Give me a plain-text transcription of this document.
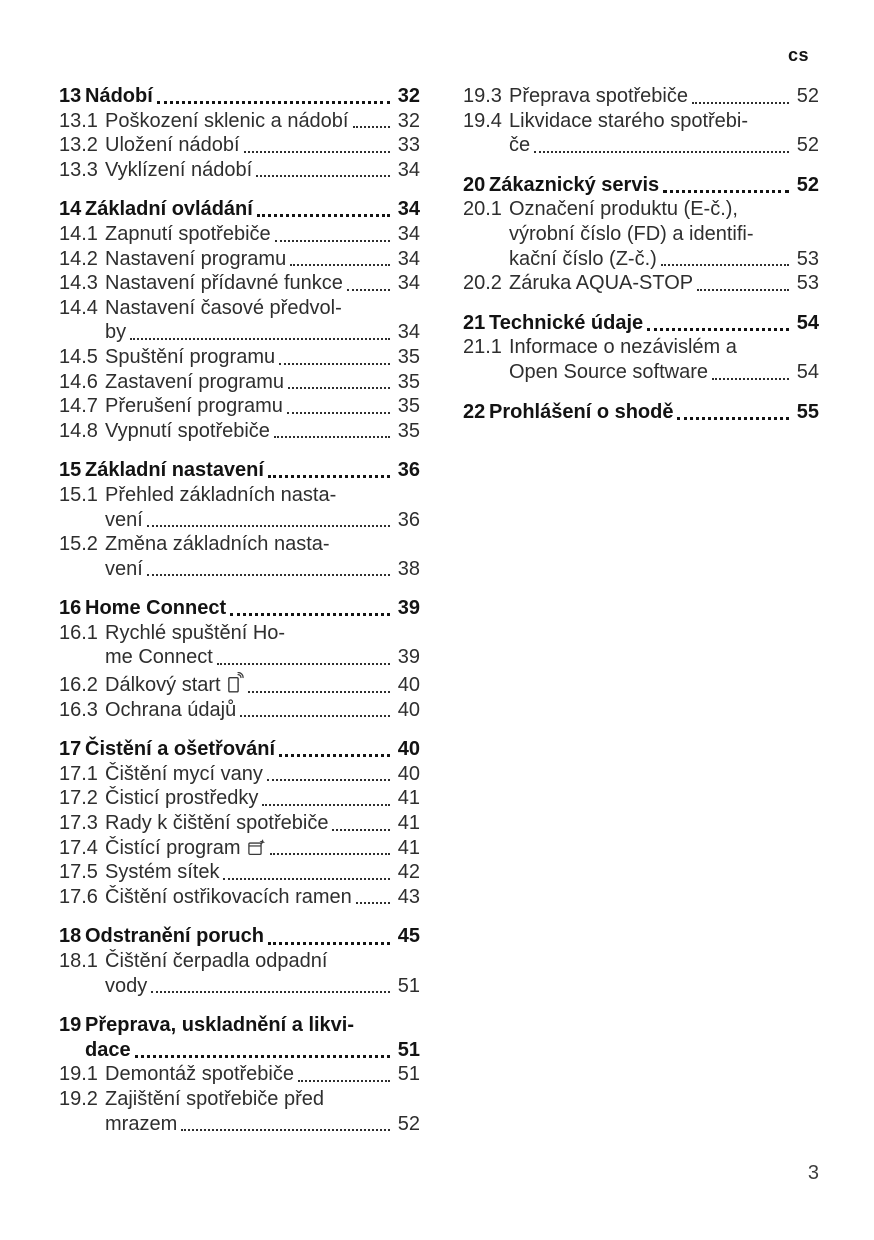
cs
13 Nádobí	32
13.1 Poškození sklenic a nádobí 32
13.2 Uložení nádobí	33
13.3 Vyklízení nádobí	34
14 Základní ovládání	34
14.1 Zapnutí spotřebiče	34
14.2 Nastavení programu	34
14.3 Nastavení přídavné funkce	34
14.4 Nastavení časové předvol-
by	34
14.5 Spuštění programu	35
14.6 Zastavení programu	35
14.7 Přerušení programu	35
14.8 Vypnutí spotřebiče	35
15 Základní nastavení	36
15.1 Přehled základních nasta-
vení	36
15.2 Změna základních nasta-
vení	38
16 Home Connect	39
16.1 Rychlé spuštění Ho-
me Connect	39
16.2 Dálkový start	40
16.3 Ochrana údajů	40
17 Čistění a ošetřování	40
17.1 Čištění mycí vany	40
17.2 Čisticí prostředky	41
17.3 Rady k čištění spotřebiče	41
17.4 Čistící program	41
17.5 Systém sítek	42
17.6 Čištění ostřikovacích ramen 43
18 Odstranění poruch	45
18.1 Čištění čerpadla odpadní
vody	51
19 Přeprava, uskladnění a likvi-
dace	51
19.1 Demontáž spotřebiče	51
19.2 Zajištění spotřebiče před
mrazem	52
19.3 Přeprava spotřebiče	52
19.4 Likvidace starého spotřebi-
če	52
20 Zákaznický servis	52
20.1 Označení produktu (E-č.),
výrobní číslo (FD) a identifi-
kační číslo (Z-č.)	53
20.2 Záruka AQUA-STOP	53
21 Technické údaje	54
21.1 Informace o nezávislém a
Open Source software	54
22 Prohlášení o shodě	55
3
